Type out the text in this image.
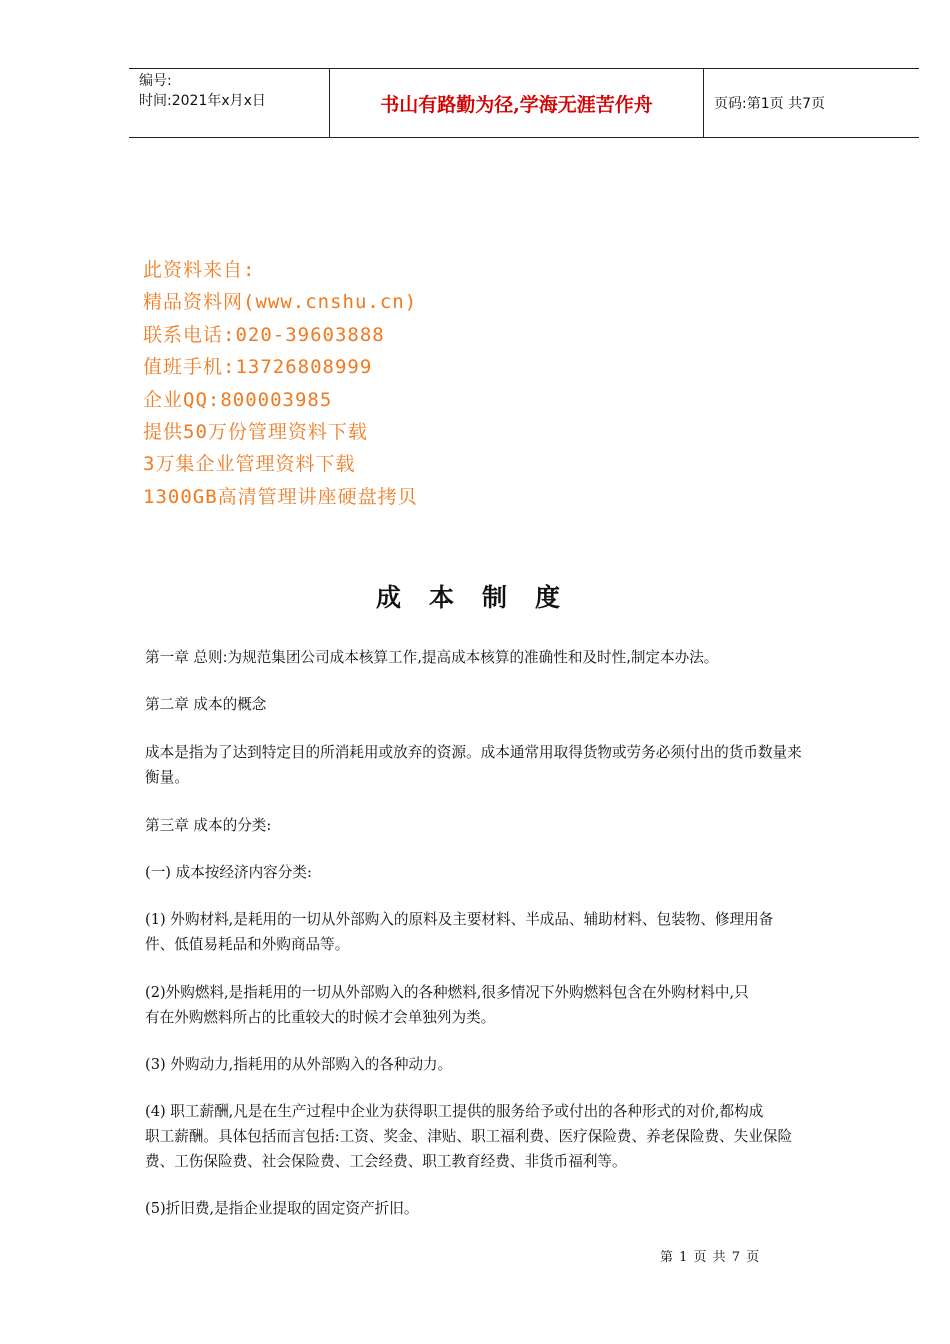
编号:
时间:2021年x月x日	书山有路勤为径,学海无涯苦作舟	页码:第1页 共7页
此资料来自:
精品资料网(www.cnshu.cn)
联系电话:020-39603888
值班手机:13726808999
企业QQ:800003985
提供50万份管理资料下载
3万集企业管理资料下载
1300GB高清管理讲座硬盘拷贝
成本制度
第一章 总则:为规范集团公司成本核算工作,提高成本核算的准确性和及时性,制定本办法。
第二章 成本的概念
成本是指为了达到特定目的所消耗用或放弃的资源。成本通常用取得货物或劳务必须付出的货币数量来
衡量。
第三章 成本的分类:
(一) 成本按经济内容分类:
(1) 外购材料,是耗用的一切从外部购入的原料及主要材料、半成品、辅助材料、包装物、修理用备
件、低值易耗品和外购商品等。
(2)外购燃料,是指耗用的一切从外部购入的各种燃料,很多情况下外购燃料包含在外购材料中,只
有在外购燃料所占的比重较大的时候才会单独列为类。
(3) 外购动力,指耗用的从外部购入的各种动力。
(4) 职工薪酬,凡是在生产过程中企业为获得职工提供的服务给予或付出的各种形式的对价,都构成
职工薪酬。具体包括而言包括:工资、奖金、津贴、职工福利费、医疗保险费、养老保险费、失业保险
费、工伤保险费、社会保险费、工会经费、职工教育经费、非货币福利等。
(5)折旧费,是指企业提取的固定资产折旧。
第 1 页 共 7 页
